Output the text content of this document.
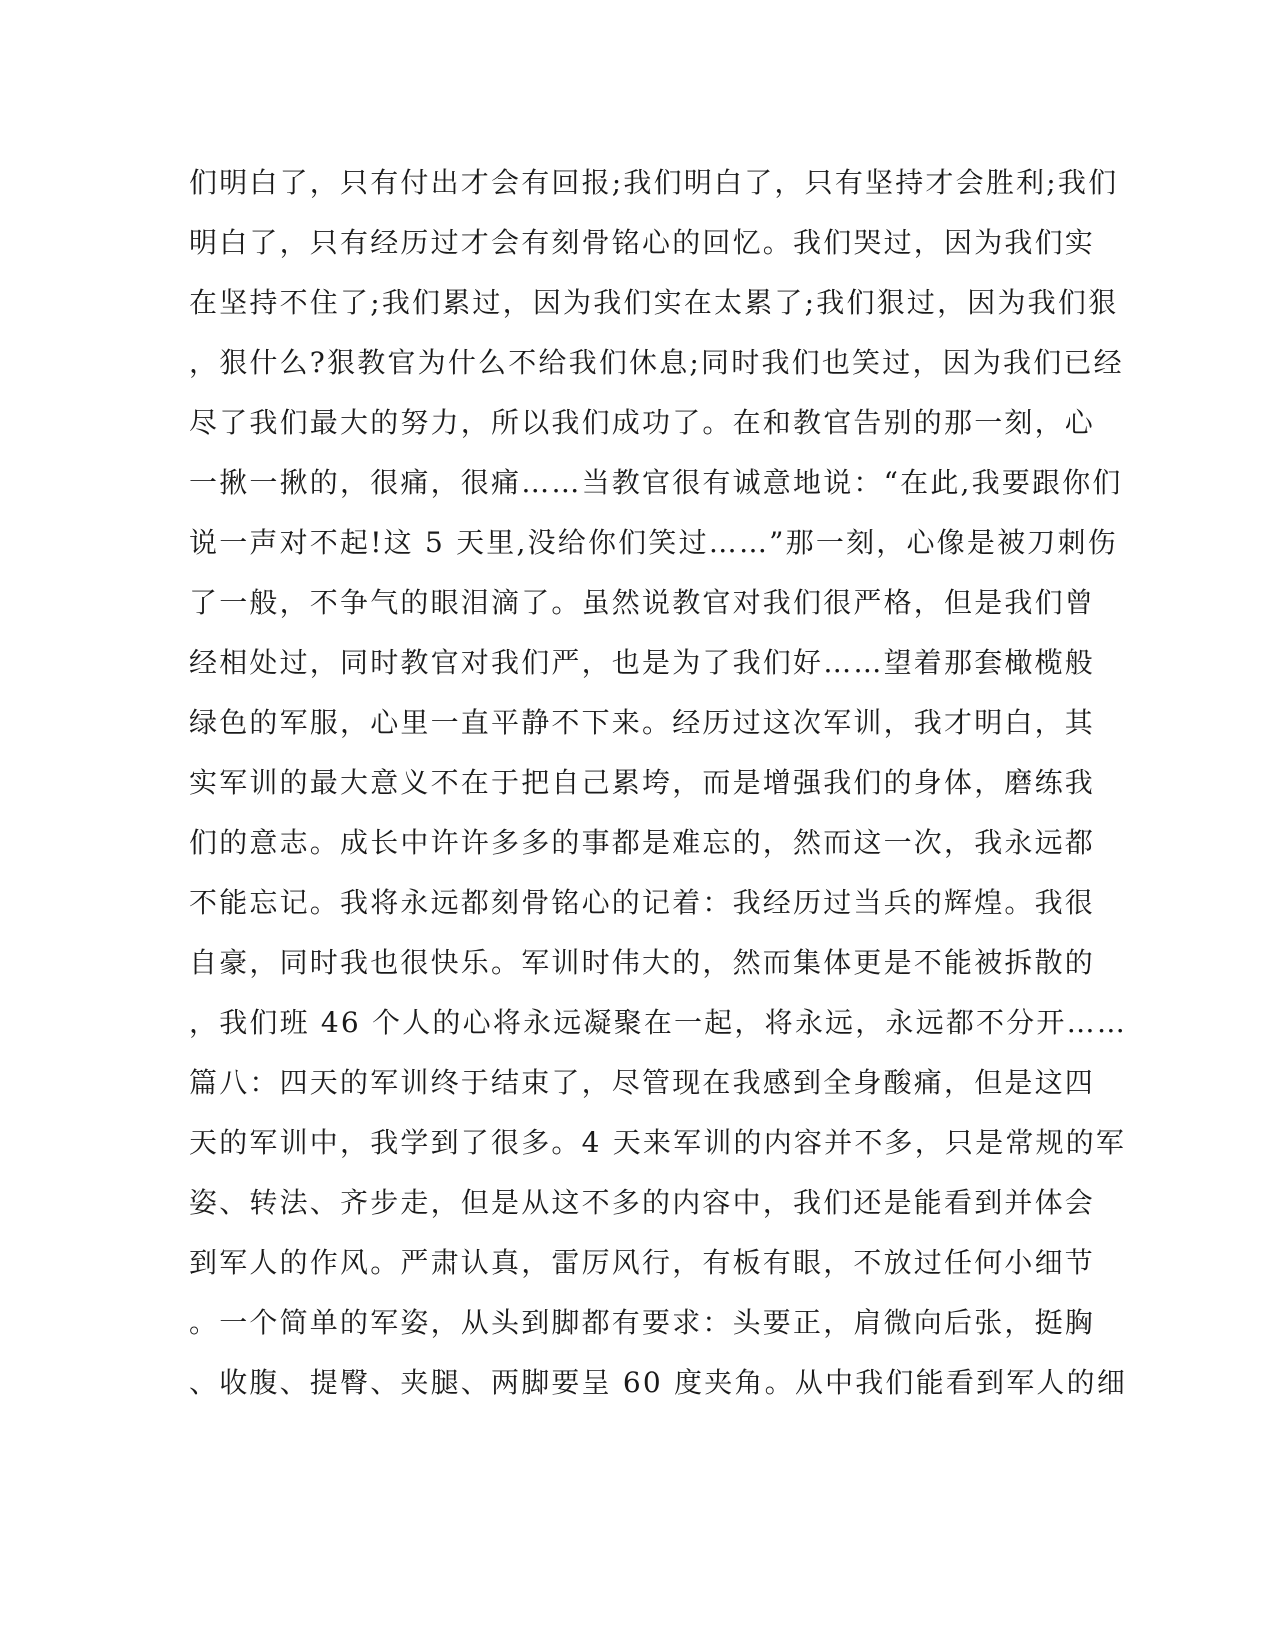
们明白了，只有付出才会有回报;我们明白了，只有坚持才会胜利;我们
明白了，只有经历过才会有刻骨铭心的回忆。我们哭过，因为我们实
在坚持不住了;我们累过，因为我们实在太累了;我们狠过，因为我们狠
，狠什么?狠教官为什么不给我们休息;同时我们也笑过，因为我们已经
尽了我们最大的努力，所以我们成功了。在和教官告别的那一刻，心
一揪一揪的，很痛，很痛……当教官很有诚意地说：“在此,我要跟你们
说一声对不起!这 5 天里,没给你们笑过……”那一刻，心像是被刀刺伤
了一般，不争气的眼泪滴了。虽然说教官对我们很严格，但是我们曾
经相处过，同时教官对我们严，也是为了我们好……望着那套橄榄般
绿色的军服，心里一直平静不下来。经历过这次军训，我才明白，其
实军训的最大意义不在于把自己累垮，而是增强我们的身体，磨练我
们的意志。成长中许许多多的事都是难忘的，然而这一次，我永远都
不能忘记。我将永远都刻骨铭心的记着：我经历过当兵的辉煌。我很
自豪，同时我也很快乐。军训时伟大的，然而集体更是不能被拆散的
，我们班 46 个人的心将永远凝聚在一起，将永远，永远都不分开……
篇八：四天的军训终于结束了，尽管现在我感到全身酸痛，但是这四
天的军训中，我学到了很多。4 天来军训的内容并不多，只是常规的军
姿、转法、齐步走，但是从这不多的内容中，我们还是能看到并体会
到军人的作风。严肃认真，雷厉风行，有板有眼，不放过任何小细节
。一个简单的军姿，从头到脚都有要求：头要正，肩微向后张，挺胸
、收腹、提臀、夹腿、两脚要呈 60 度夹角。从中我们能看到军人的细
